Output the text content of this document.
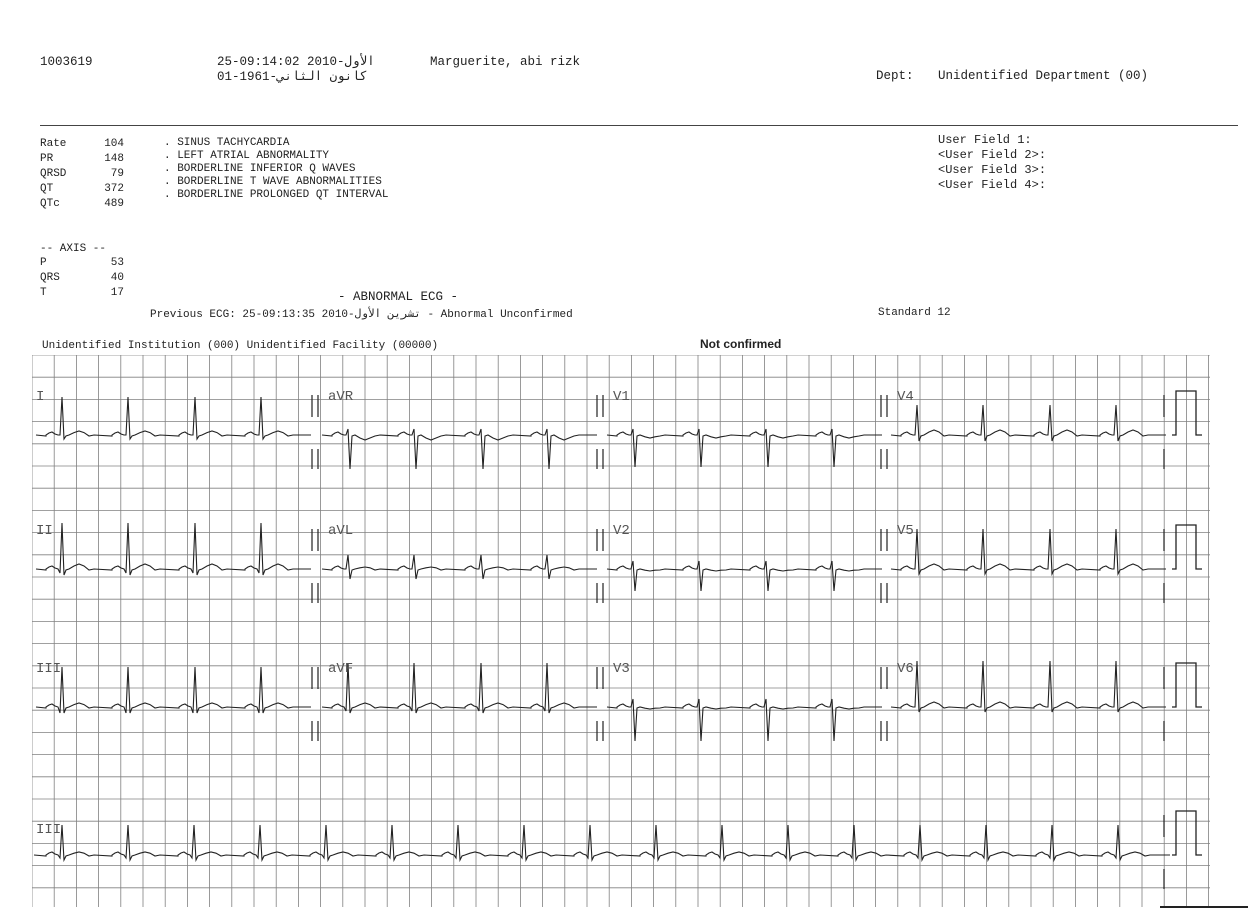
1003619	25-09:14:02 2010-الأول	Marguerite, abi rizk
01-1961-كانون الثاني	Dept: Unidentified Department (00)
-- AXIS --
- ABNORMAL ECG -
Previous ECG: 25-09:13:35 2010-تشرين الأول - Abnormal Unconfirmed	Standard 12
Unidentified Institution (000) Unidentified Facility (00000)	Not confirmed
I	aVR	V1	V4
II	aVL	V2	V5
III	aVF	V3	V6
III
Rate	104
PR	148
QRSD	79
QT	372
QTc	489
P	53
QRS	40
T	17
. SINUS TACHYCARDIA
. LEFT ATRIAL ABNORMALITY
. BORDERLINE INFERIOR Q WAVES
. BORDERLINE T WAVE ABNORMALITIES
. BORDERLINE PROLONGED QT INTERVAL
User Field 1:
<User Field 2>:
<User Field 3>:
<User Field 4>:
